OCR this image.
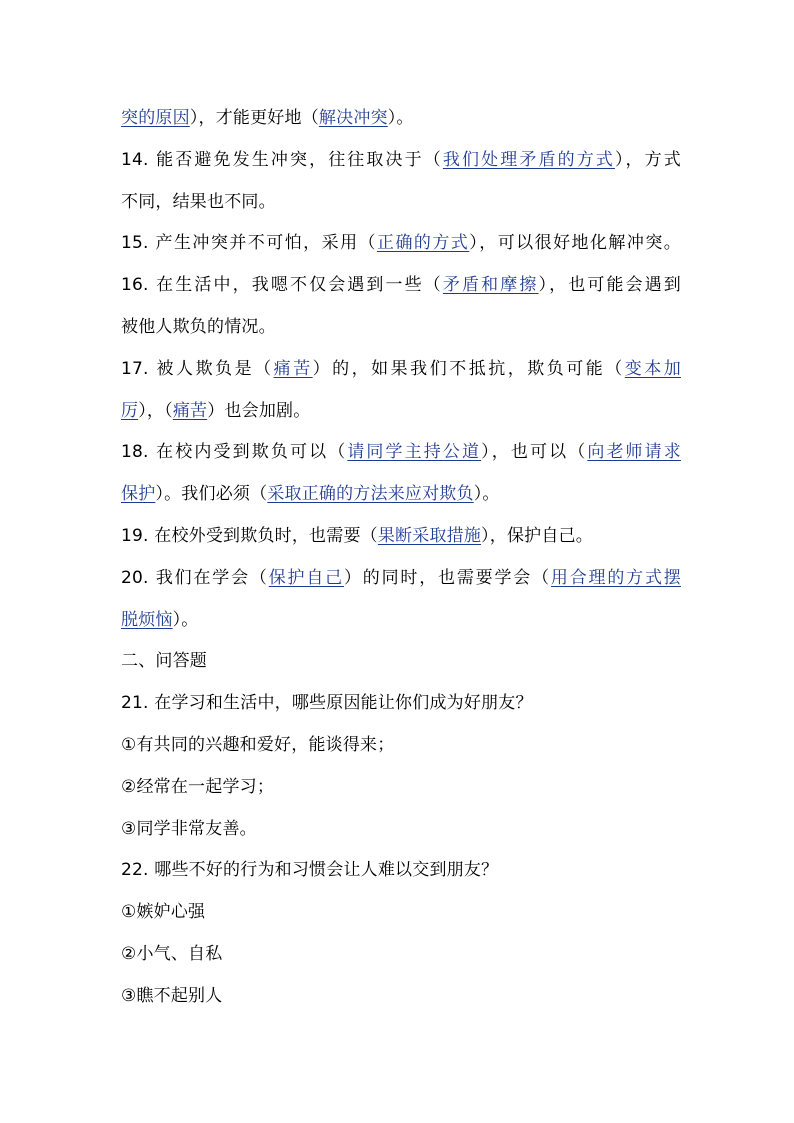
突的原因），才能更好地（解决冲突）。
14. 能否避免发生冲突，往往取决于（我们处理矛盾的方式），方式
不同，结果也不同。
15. 产生冲突并不可怕，采用（正确的方式），可以很好地化解冲突。
16. 在生活中，我嗯不仅会遇到一些（矛盾和摩擦），也可能会遇到
被他人欺负的情况。
17. 被人欺负是（痛苦）的，如果我们不抵抗，欺负可能（变本加
厉），（痛苦）也会加剧。
18. 在校内受到欺负可以（请同学主持公道），也可以（向老师请求
保护）。我们必须（采取正确的方法来应对欺负）。
19. 在校外受到欺负时，也需要（果断采取措施），保护自己。
20. 我们在学会（保护自己）的同时，也需要学会（用合理的方式摆
脱烦恼）。
二、问答题
21. 在学习和生活中，哪些原因能让你们成为好朋友？
①有共同的兴趣和爱好，能谈得来；
②经常在一起学习；
③同学非常友善。
22. 哪些不好的行为和习惯会让人难以交到朋友？
①嫉妒心强
②小气、自私
③瞧不起别人
